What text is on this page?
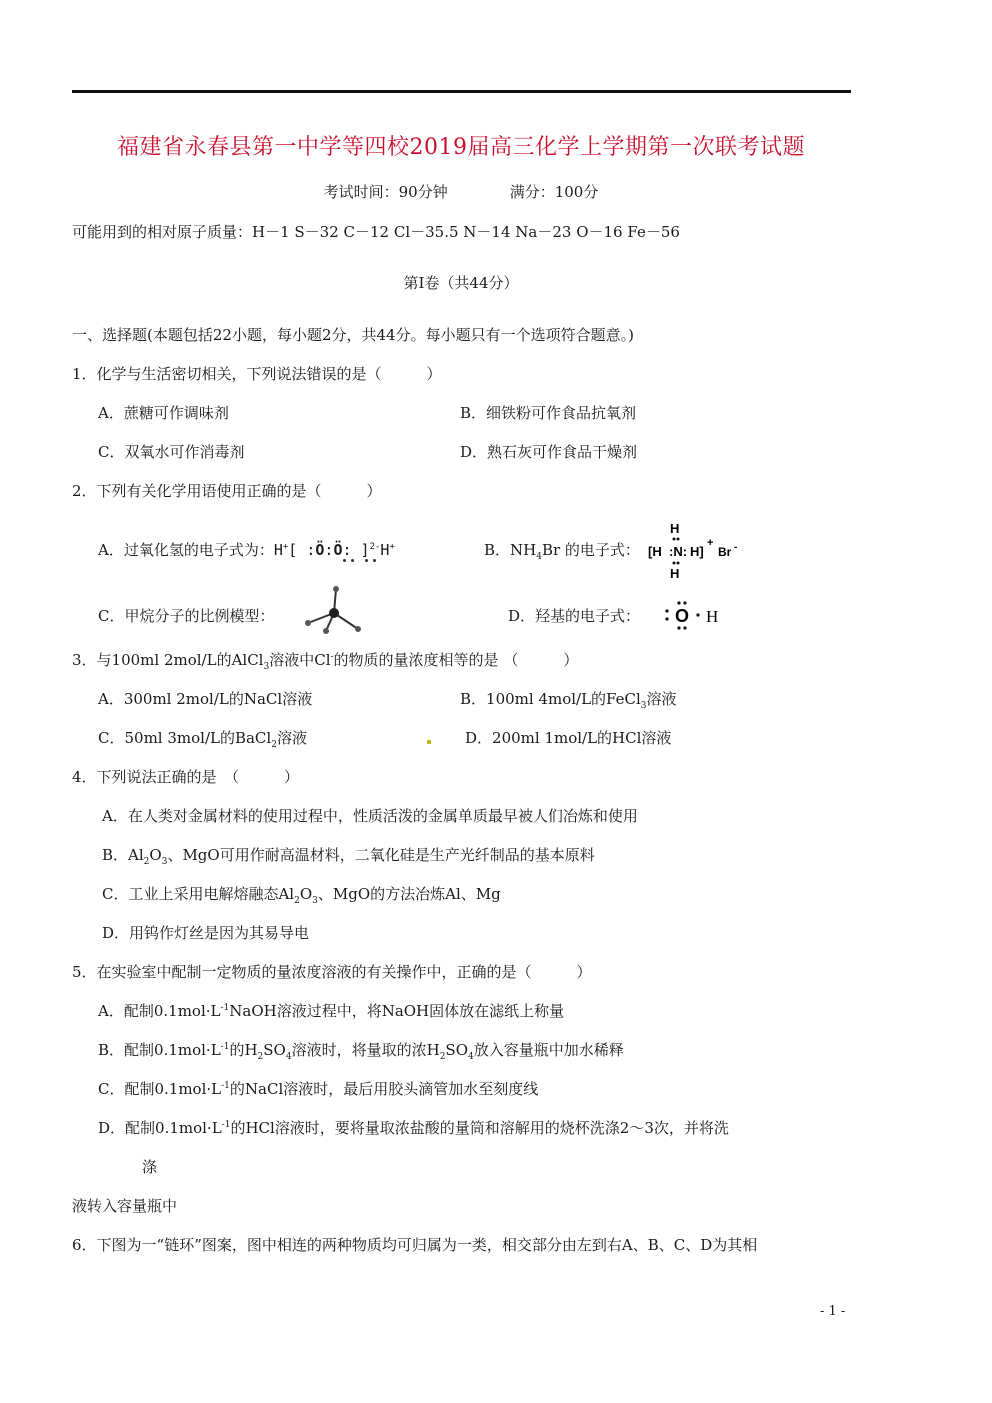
福建省永春县第一中学等四校2019届高三化学上学期第一次联考试题
考试时间：90分钟	满分：100分
可能用到的相对原子质量：H－1 S－32 C－12 Cl－35.5 N－14 Na－23 O－16 Fe－56
第I卷（共44分）
一、选择题(本题包括22小题，每小题2分，共44分。每小题只有一个选项符合题意。)
1．化学与生活密切相关，下列说法错误的是（　　　）
A．蔗糖可作调味剂	B．细铁粉可作食品抗氧剂
C．双氧水可作消毒剂	D．熟石灰可作食品干燥剂
2．下列有关化学用语使用正确的是（　　　）
A．过氧化氢的电子式为：H+[ :Ö:Ö: ]$^{2-}$H+	B．$NH_4Br$ 的电子式：
H
[H :N: H]
H
+
Br -
C．甲烷分子的比例模型：	D．羟基的电子式： O H
3．与100ml 2mol/L的AlCl$_3$溶液中Cl-的物质的量浓度相等的是 （　　　）
A．300ml 2mol/L的NaCl溶液	B．100ml 4mol/L的FeCl$_3$溶液
C．50ml 3mol/L的BaCl$_2$溶液	D．200ml 1mol/L的HCl溶液
4．下列说法正确的是　（　　　）
A．在人类对金属材料的使用过程中，性质活泼的金属单质最早被人们冶炼和使用
B．$Al_2O_3$、MgO可用作耐高温材料，二氧化硅是生产光纤制品的基本原料
C．工业上采用电解熔融态$Al_2O_3$、MgO的方法冶炼Al、Mg
D．用钨作灯丝是因为其易导电
5．在实验室中配制一定物质的量浓度溶液的有关操作中，正确的是（　　　）
A．配制$0.1mol\cdot L^{-1}NaOH$溶液过程中，将NaOH固体放在滤纸上称量
B．配制$0.1mol\cdot L^{-1}$的$H_2SO_4$溶液时，将量取的浓$H_2SO_4$放入容量瓶中加水稀释
C．配制$0.1mol\cdot L^{-1}$的NaCl溶液时，最后用胶头滴管加水至刻度线
D．配制$0.1mol\cdot L^{-1}$的HCl溶液时，要将量取浓盐酸的量筒和溶解用的烧杯洗涤2～3次，并将洗
涤
液转入容量瓶中
6．下图为一“链环”图案，图中相连的两种物质均可归属为一类，相交部分由左到右A、B、C、D为其相
- 1 -
